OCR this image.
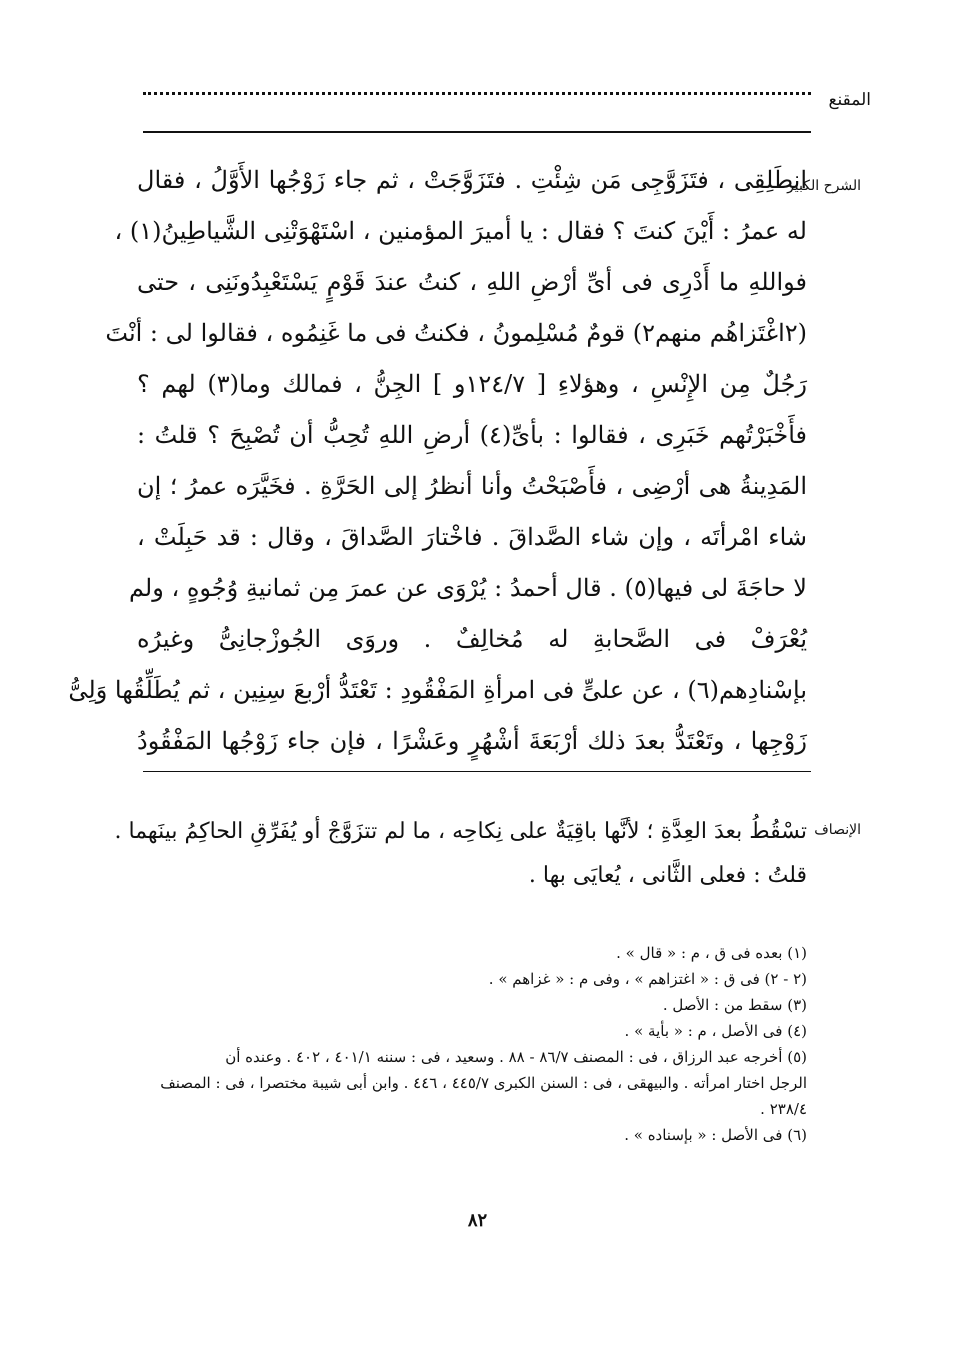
المقنع
الشرح الكبير
انطَلِقِى ، فتَزَوَّجِى مَن شِئْتِ . فتَزَوَّجَتْ ، ثم جاء زَوْجُها الأَوَّلُ ، فقال
له عمرُ : أَيْنَ كنتَ ؟ فقال : يا أميرَ المؤمنين ، اسْتَهْوَتْنِى الشَّياطِينُ(١) ،
فواللهِ ما أَدْرِى فى أىِّ أرْضِ اللهِ ، كنتُ عندَ قَوْمٍ يَسْتَعْبِدُونَنِى ، حتى
(٢اغْتَزاهُم منهم٢) قومٌ مُسْلِمونُ ، فكنتُ فى ما غَنِمُوه ، فقالوا لى : أنْتَ
رَجُلٌ مِن الإِنْسِ ، وهؤلاءِ [ ١٢٤/٧و ] الجِنُّ ، فمالك وما(٣) لهم ؟
فأَخْبَرْتُهم خَبَرِى ، فقالوا : بأىِّ(٤) أرضِ اللهِ تُحِبُّ أن تُصْبِحَ ؟ قلتُ :
المَدِينةُ هى أرْضِى ، فأَصْبَحْتُ وأنا أنظرُ إلى الحَرَّةِ . فخَيَّرَه عمرُ ؛ إن
شاء امْرأتَه ، وإن شاء الصَّداقَ . فاخْتارَ الصَّداقَ ، وقال : قد حَبِلَتْ ،
لا حاجَةَ لى فيها(٥) . قال أحمدُ : يُرْوَى عن عمرَ مِن ثمانيةِ وُجُوهٍ ، ولم
يُعْرَفْ فى الصَّحابةِ له مُخالِفٌ . وروَى الجُوزْجانِىُّ وغيرُه
بإسْنادِهم(٦) ، عن علىٍّ فى امرأةِ المَفْقُودِ : تَعْتَدُّ أرْبعَ سِنِين ، ثم يُطَلِّقُها وَلِىُّ
زَوْجِها ، وتَعْتَدُّ بعدَ ذلك أرْبَعَةَ أشْهُرٍ وعَشْرًا ، فإن جاء زَوْجُها المَفْقُودُ
الإنصاف
تسْقُطُ بعدَ العِدَّةِ ؛ لأنَّها باقِيَةٌ على نِكاحِه ، ما لم تتزَوَّجْ أو يُفَرِّقِ الحاكِمُ بينَهما .
قلتُ : فعلى الثَّانى ، يُعايَى بها .
(١) بعده فى ق ، م : « قال » .
(٢ - ٢) فى ق : « اغتزاهم » ، وفى م : « غزاهم » .
(٣) سقط من : الأصل .
(٤) فى الأصل ، م : « بأية » .
(٥) أخرجه عبد الرزاق ، فى : المصنف ٨٦/٧ - ٨٨ . وسعيد ، فى : سننه ٤٠١/١ ، ٤٠٢ . وعنده أن
الرجل اختار امرأته . والبيهقى ، فى : السنن الكبرى ٤٤٥/٧ ، ٤٤٦ . وابن أبى شيبة مختصرا ، فى : المصنف
٢٣٨/٤ .
(٦) فى الأصل : « بإسناده » .
٨٢
